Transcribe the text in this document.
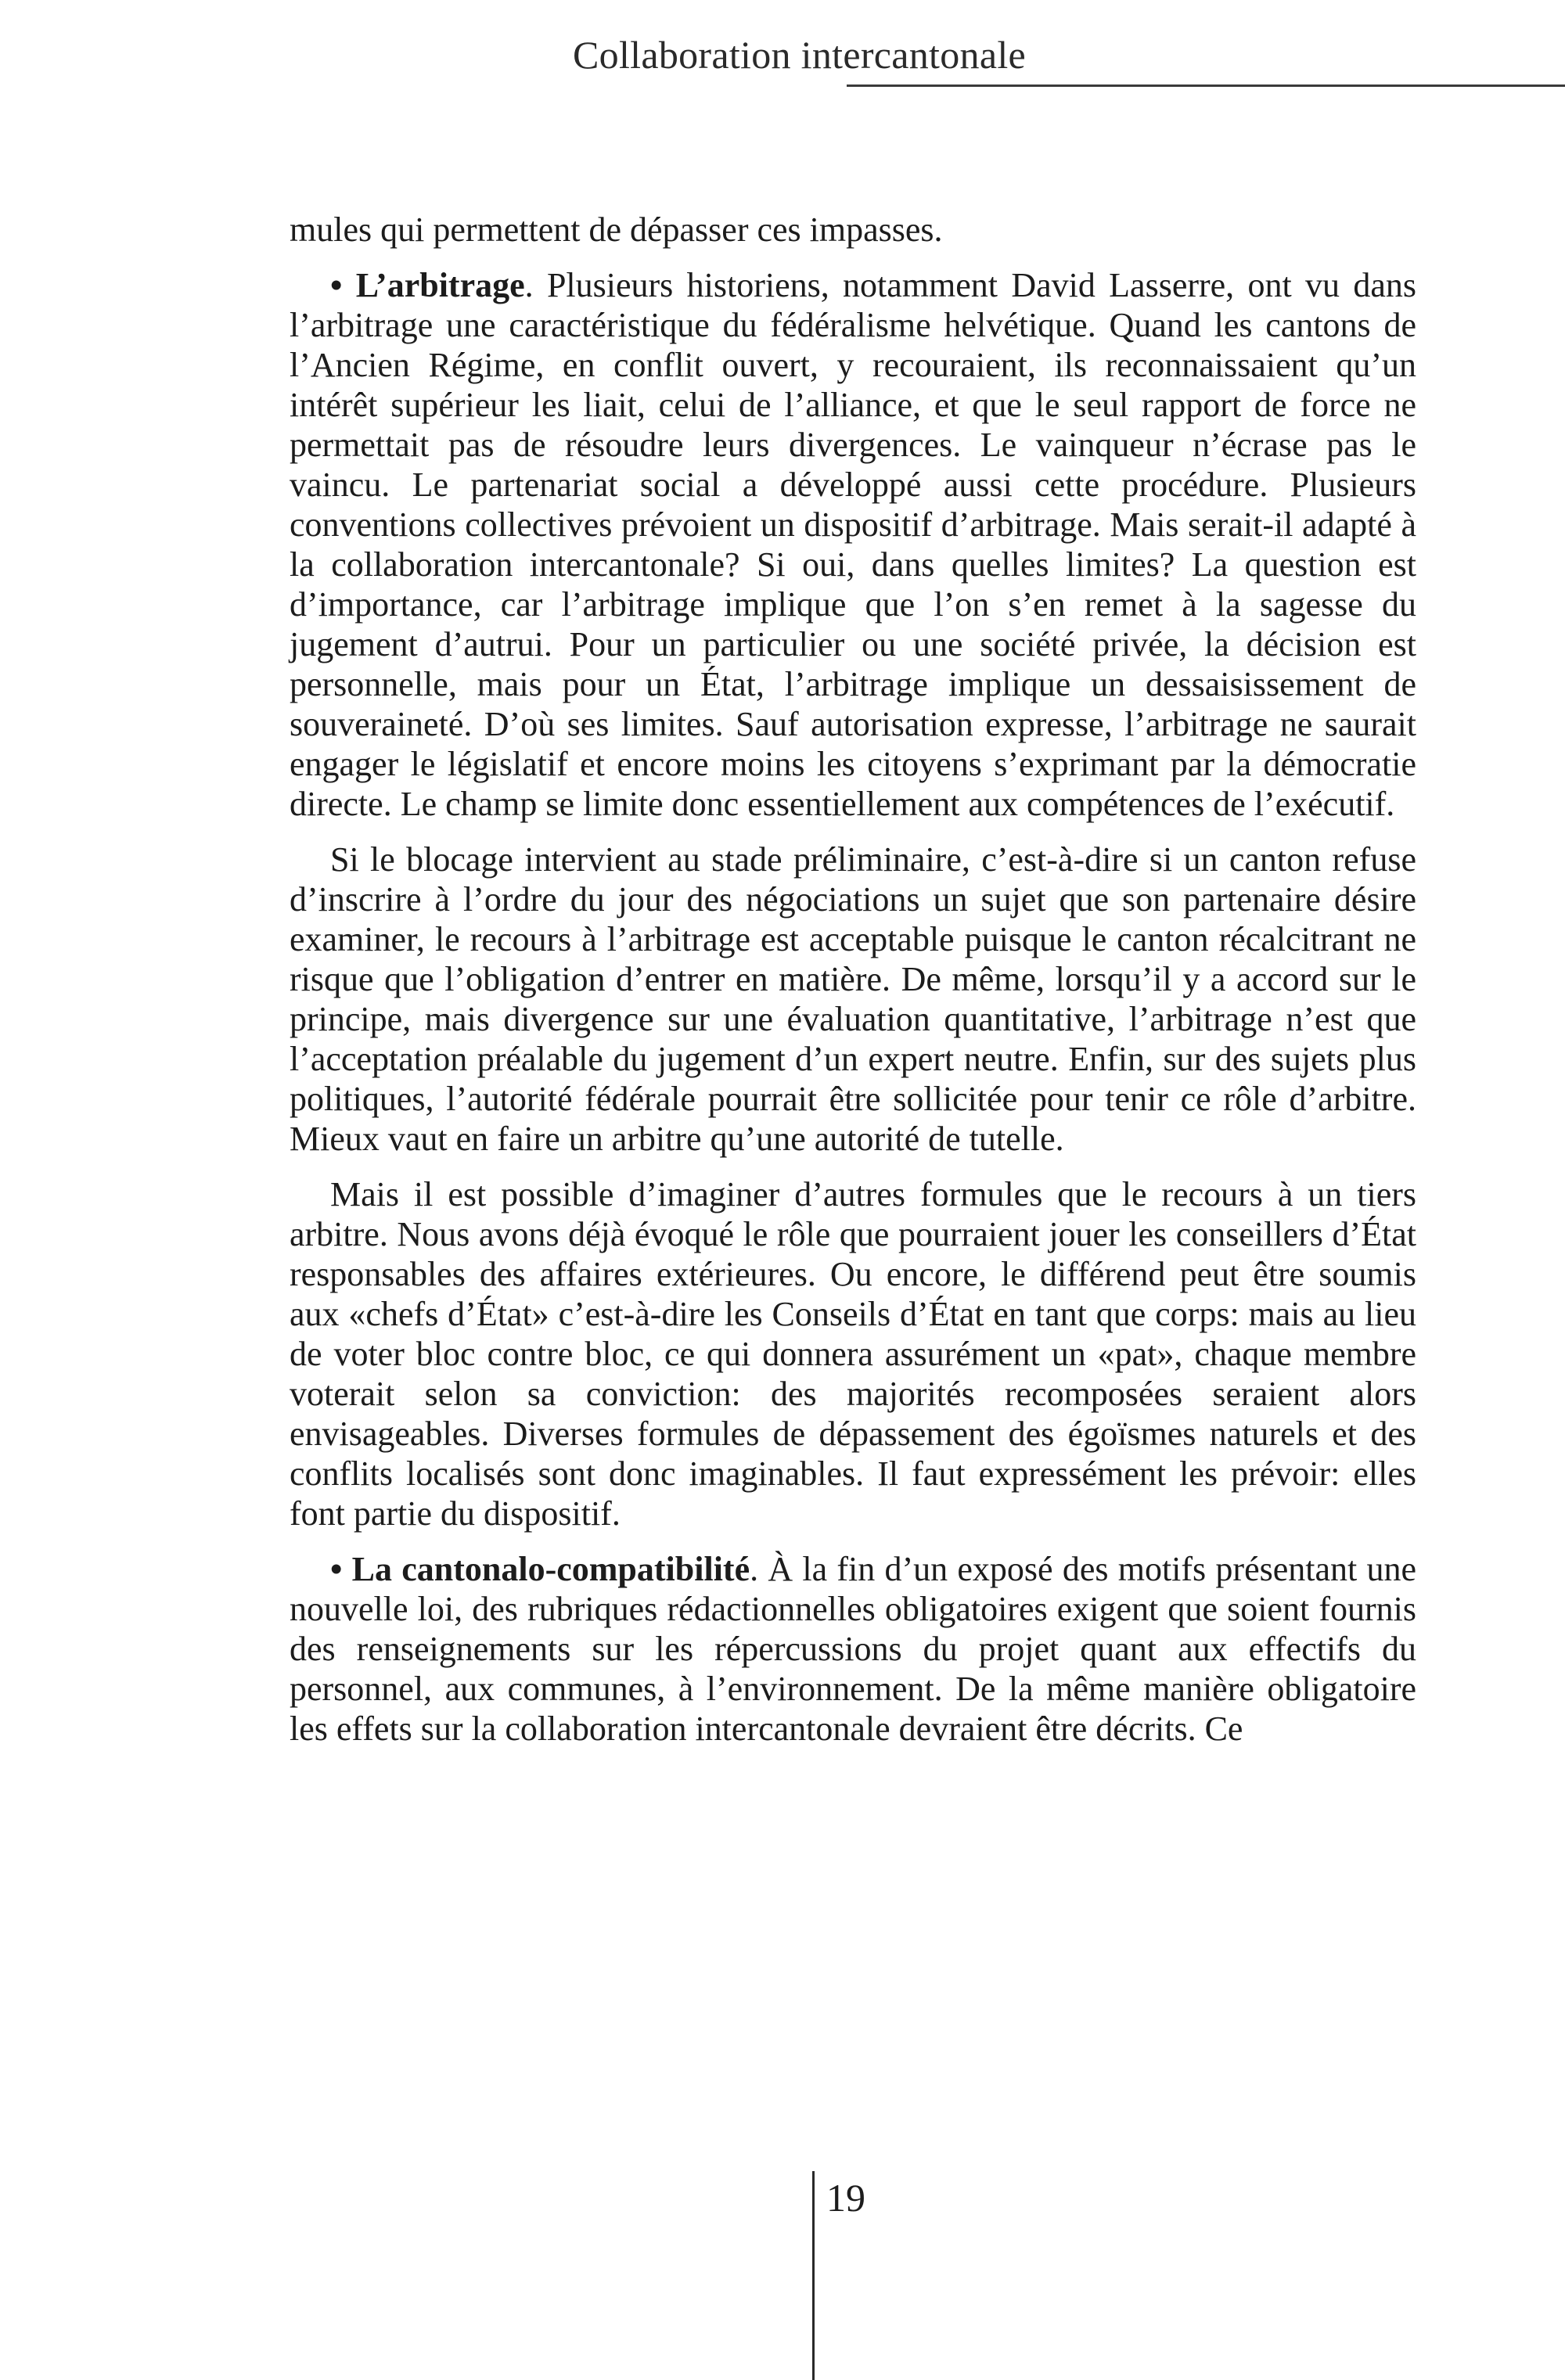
Collaboration intercantonale

mules qui permettent de dépasser ces impasses.

• L’arbitrage. Plusieurs historiens, notamment David Lasserre, ont vu dans l’arbitrage une caractéristique du fédéralisme helvétique. Quand les cantons de l’Ancien Régime, en conflit ouvert, y recouraient, ils reconnaissaient qu’un intérêt supérieur les liait, celui de l’alliance, et que le seul rapport de force ne permettait pas de résoudre leurs divergences. Le vainqueur n’écrase pas le vaincu. Le partenariat social a développé aussi cette procédure. Plusieurs conventions collectives prévoient un dispositif d’arbitrage. Mais serait-il adapté à la collaboration intercantonale? Si oui, dans quelles limites? La question est d’importance, car l’arbitrage implique que l’on s’en remet à la sagesse du jugement d’autrui. Pour un particulier ou une société privée, la décision est personnelle, mais pour un État, l’arbitrage implique un dessaisissement de souveraineté. D’où ses limites. Sauf autorisation expresse, l’arbitrage ne saurait engager le législatif et encore moins les citoyens s’exprimant par la démocratie directe. Le champ se limite donc essentiellement aux compétences de l’exécutif.

Si le blocage intervient au stade préliminaire, c’est-à-dire si un canton refuse d’inscrire à l’ordre du jour des négociations un sujet que son partenaire désire examiner, le recours à l’arbitrage est acceptable puisque le canton récalcitrant ne risque que l’obligation d’entrer en matière. De même, lorsqu’il y a accord sur le principe, mais divergence sur une évaluation quantitative, l’arbitrage n’est que l’acceptation préalable du jugement d’un expert neutre. Enfin, sur des sujets plus politiques, l’autorité fédérale pourrait être sollicitée pour tenir ce rôle d’arbitre. Mieux vaut en faire un arbitre qu’une autorité de tutelle.

Mais il est possible d’imaginer d’autres formules que le recours à un tiers arbitre. Nous avons déjà évoqué le rôle que pourraient jouer les conseillers d’État responsables des affaires extérieures. Ou encore, le différend peut être soumis aux «chefs d’État» c’est-à-dire les Conseils d’État en tant que corps: mais au lieu de voter bloc contre bloc, ce qui donnera assurément un «pat», chaque membre voterait selon sa conviction: des majorités recomposées seraient alors envisageables. Diverses formules de dépassement des égoïsmes naturels et des conflits localisés sont donc imaginables. Il faut expressément les prévoir: elles font partie du dispositif.

• La cantonalo-compatibilité. À la fin d’un exposé des motifs présentant une nouvelle loi, des rubriques rédactionnelles obligatoires exigent que soient fournis des renseignements sur les répercussions du projet quant aux effectifs du personnel, aux communes, à l’environnement. De la même manière obligatoire les effets sur la collaboration intercantonale devraient être décrits. Ce

19
